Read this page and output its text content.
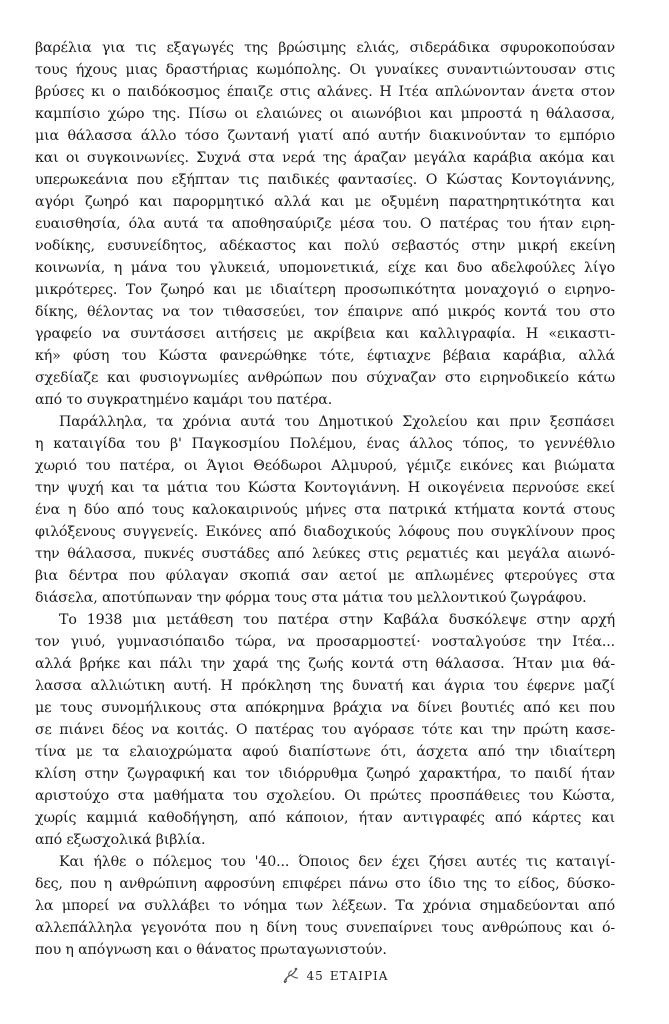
βαρέλια για τις εξαγωγές της βρώσιμης ελιάς, σιδεράδικα σφυροκοπούσαν
τους ήχους μιας δραστήριας κωμόπολης. Οι γυναίκες συναντιώντουσαν στις
βρύσες κι ο παιδόκοσμος έπαιζε στις αλάνες. Η Ιτέα απλώνονταν άνετα στον
καμπίσιο χώρο της. Πίσω οι ελαιώνες οι αιωνόβιοι και μπροστά η θάλασσα,
μια θάλασσα άλλο τόσο ζωντανή γιατί από αυτήν διακινούνταν το εμπόριο
και οι συγκοινωνίες. Συχνά στα νερά της άραζαν μεγάλα καράβια ακόμα και
υπερωκεάνια που εξήπταν τις παιδικές φαντασίες. Ο Κώστας Κοντογιάννης,
αγόρι ζωηρό και παρορμητικό αλλά και με οξυμένη παρατηρητικότητα και
ευαισθησία, όλα αυτά τα αποθησαύριζε μέσα του. Ο πατέρας του ήταν ειρη-
νοδίκης, ευσυνείδητος, αδέκαστος και πολύ σεβαστός στην μικρή εκείνη
κοινωνία, η μάνα του γλυκειά, υπομονετικιά, είχε και δυο αδελφούλες λίγο
μικρότερες. Τον ζωηρό και με ιδιαίτερη προσωπικότητα μοναχογιό ο ειρηνο-
δίκης, θέλοντας να τον τιθασσεύει, τον έπαιρνε από μικρός κοντά του στο
γραφείο να συντάσσει αιτήσεις με ακρίβεια και καλλιγραφία. Η «εικαστι-
κή» φύση του Κώστα φανερώθηκε τότε, έφτιαχνε βέβαια καράβια, αλλά
σχεδίαζε και φυσιογνωμίες ανθρώπων που σύχναζαν στο ειρηνοδικείο κάτω
από το συγκρατημένο καμάρι του πατέρα.
Παράλληλα, τα χρόνια αυτά του Δημοτικού Σχολείου και πριν ξεσπάσει
η καταιγίδα του β' Παγκοσμίου Πολέμου, ένας άλλος τόπος, το γεννέθλιο
χωριό του πατέρα, οι Άγιοι Θεόδωροι Αλμυρού, γέμιζε εικόνες και βιώματα
την ψυχή και τα μάτια του Κώστα Κοντογιάννη. Η οικογένεια περνούσε εκεί
ένα η δύο από τους καλοκαιρινούς μήνες στα πατρικά κτήματα κοντά στους
φιλόξενους συγγενείς. Εικόνες από διαδοχικούς λόφους που συγκλίνουν προς
την θάλασσα, πυκνές συστάδες από λεύκες στις ρεματιές και μεγάλα αιωνό-
βια δέντρα που φύλαγαν σκοπιά σαν αετοί με απλωμένες φτερούγες στα
διάσελα, αποτύπωναν την φόρμα τους στα μάτια του μελλοντικού ζωγράφου.
Το 1938 μια μετάθεση του πατέρα στην Καβάλα δυσκόλεψε στην αρχή
τον γιυό, γυμνασιόπαιδο τώρα, να προσαρμοστεί· νοσταλγούσε την Ιτέα...
αλλά βρήκε και πάλι την χαρά της ζωής κοντά στη θάλασσα. Ήταν μια θά-
λασσα αλλιώτικη αυτή. Η πρόκληση της δυνατή και άγρια του έφερνε μαζί
με τους συνομήλικους στα απόκρημνα βράχια να δίνει βουτιές από κει που
σε πιάνει δέος να κοιτάς. Ο πατέρας του αγόρασε τότε και την πρώτη κασε-
τίνα με τα ελαιοχρώματα αφού διαπίστωνε ότι, άσχετα από την ιδιαίτερη
κλίση στην ζωγραφική και τον ιδιόρρυθμα ζωηρό χαρακτήρα, το παιδί ήταν
αριστούχο στα μαθήματα του σχολείου. Οι πρώτες προσπάθειες του Κώστα,
χωρίς καμμιά καθοδήγηση, από κάποιον, ήταν αντιγραφές από κάρτες και
από εξωσχολικά βιβλία.
Και ήλθε ο πόλεμος του '40... Όποιος δεν έχει ζήσει αυτές τις καταιγί-
δες, που η ανθρώπινη αφροσύνη επιφέρει πάνω στο ίδιο της το είδος, δύσκο-
λα μπορεί να συλλάβει το νόημα των λέξεων. Τα χρόνια σημαδεύονται από
αλλεπάλληλα γεγονότα που η δίνη τους συνεπαίρνει τους ανθρώπους και ό-
που η απόγνωση και ο θάνατος πρωταγωνιστούν.
45 ΕΤΑΙΡΙΑ
